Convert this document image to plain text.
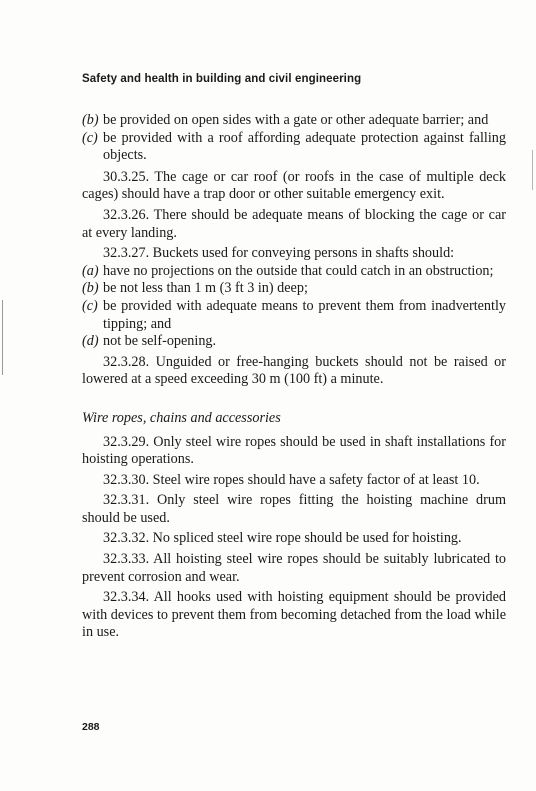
Safety and health in building and civil engineering
(b) be provided on open sides with a gate or other adequate barrier; and
(c) be provided with a roof affording adequate protection against falling objects.
30.3.25. The cage or car roof (or roofs in the case of multiple deck cages) should have a trap door or other suitable emergency exit.
32.3.26. There should be adequate means of blocking the cage or car at every landing.
32.3.27. Buckets used for conveying persons in shafts should:
(a) have no projections on the outside that could catch in an obstruction;
(b) be not less than 1 m (3 ft 3 in) deep;
(c) be provided with adequate means to prevent them from inadvertently tipping; and
(d) not be self-opening.
32.3.28. Unguided or free-hanging buckets should not be raised or lowered at a speed exceeding 30 m (100 ft) a minute.
Wire ropes, chains and accessories
32.3.29. Only steel wire ropes should be used in shaft installations for hoisting operations.
32.3.30. Steel wire ropes should have a safety factor of at least 10.
32.3.31. Only steel wire ropes fitting the hoisting machine drum should be used.
32.3.32. No spliced steel wire rope should be used for hoisting.
32.3.33. All hoisting steel wire ropes should be suitably lubricated to prevent corrosion and wear.
32.3.34. All hooks used with hoisting equipment should be provided with devices to prevent them from becoming detached from the load while in use.
288
